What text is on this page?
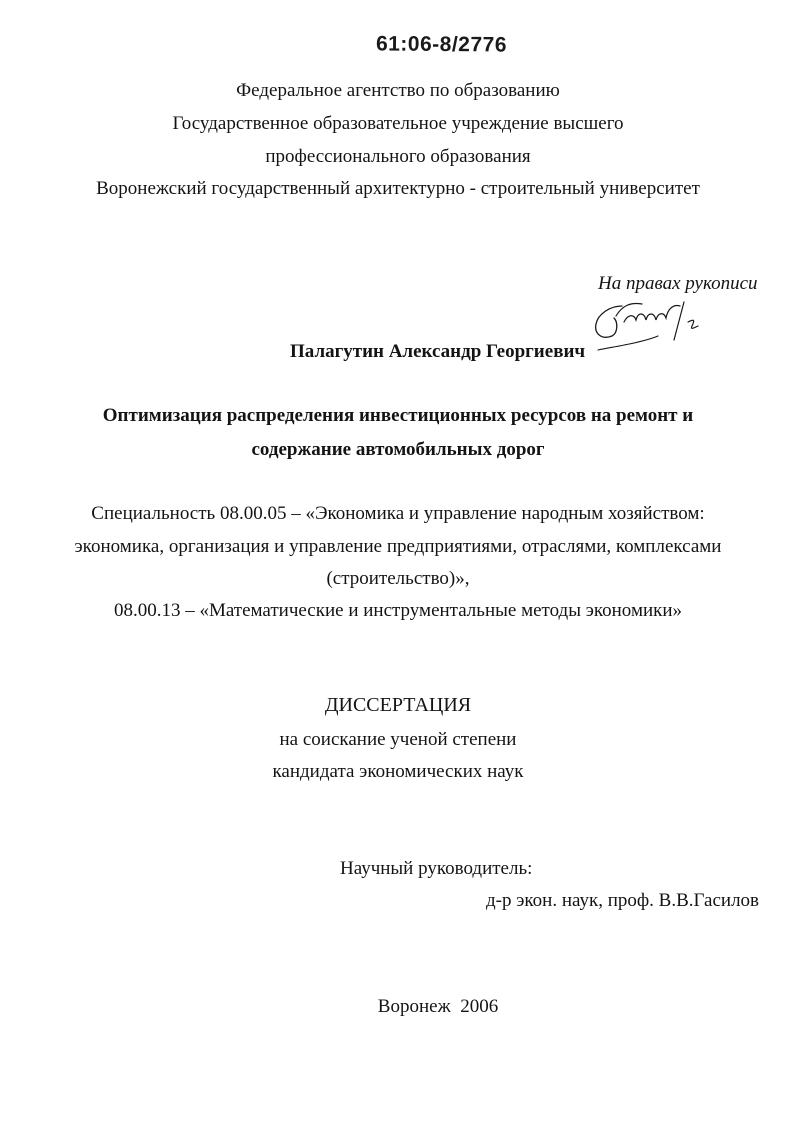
61:06-8/2776
Федеральное агентство по образованию
Государственное образовательное учреждение высшего
профессионального образования
Воронежский государственный архитектурно - строительный университет
На правах рукописи
Палагутин Александр Георгиевич
Оптимизация распределения инвестиционных ресурсов на ремонт и
содержание автомобильных дорог
Специальность 08.00.05 – «Экономика и управление народным хозяйством:
экономика, организация и управление предприятиями, отраслями, комплексами
(строительство)»,
08.00.13 – «Математические и инструментальные методы экономики»
ДИССЕРТАЦИЯ
на соискание ученой степени
кандидата экономических наук
Научный руководитель:
д-р экон. наук, проф. В.В.Гасилов
Воронеж  2006
